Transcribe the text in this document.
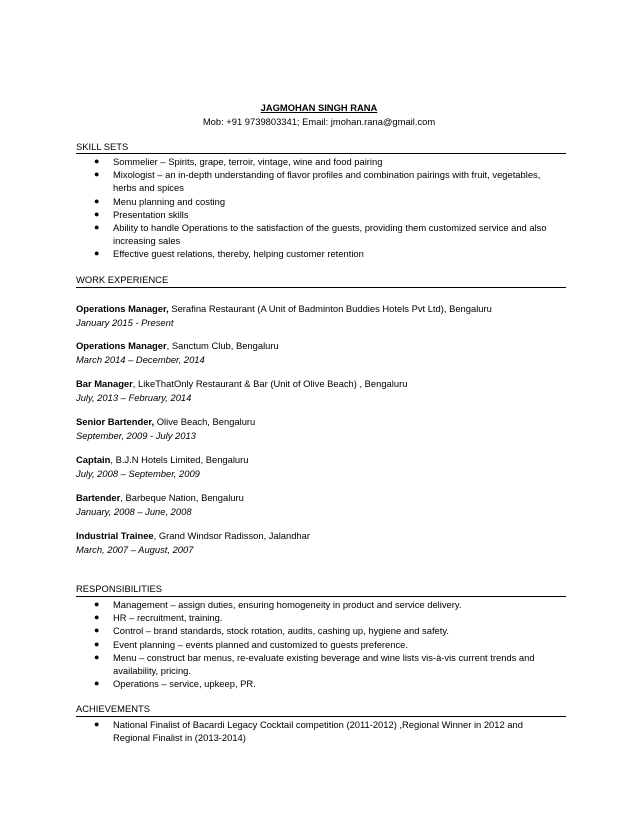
JAGMOHAN SINGH RANA
Mob: +91 9739803341; Email: jmohan.rana@gmail.com
SKILL SETS
● Sommelier – Spirits, grape, terroir, vintage, wine and food pairing
● Mixologist – an in-depth understanding of flavor profiles and combination pairings with fruit, vegetables, herbs and spices
● Menu planning and costing
● Presentation skills
● Ability to handle Operations to the satisfaction of the guests, providing them customized service and also increasing sales
● Effective guest relations, thereby, helping customer retention
WORK EXPERIENCE
Operations Manager, Serafina Restaurant (A Unit of Badminton Buddies Hotels Pvt Ltd), Bengaluru
January 2015 - Present
Operations Manager, Sanctum Club, Bengaluru
March 2014 – December, 2014
Bar Manager, LikeThatOnly Restaurant & Bar (Unit of Olive Beach) , Bengaluru
July, 2013 – February, 2014
Senior Bartender, Olive Beach, Bengaluru
September, 2009 - July 2013
Captain, B.J.N Hotels Limited, Bengaluru
July, 2008 – September, 2009
Bartender, Barbeque Nation, Bengaluru
January, 2008 – June, 2008
Industrial Trainee, Grand Windsor Radisson, Jalandhar
March, 2007 – August, 2007
RESPONSIBILITIES
● Management – assign duties, ensuring homogeneity in product and service delivery.
● HR – recruitment, training.
● Control – brand standards, stock rotation, audits, cashing up, hygiene and safety.
● Event planning – events planned and customized to guests preference.
● Menu – construct bar menus, re-evaluate existing beverage and wine lists vis-à-vis current trends and availability, pricing.
● Operations – service, upkeep, PR.
ACHIEVEMENTS
● National Finalist of Bacardi Legacy Cocktail competition (2011-2012) ,Regional Winner in 2012 and Regional Finalist in (2013-2014)
